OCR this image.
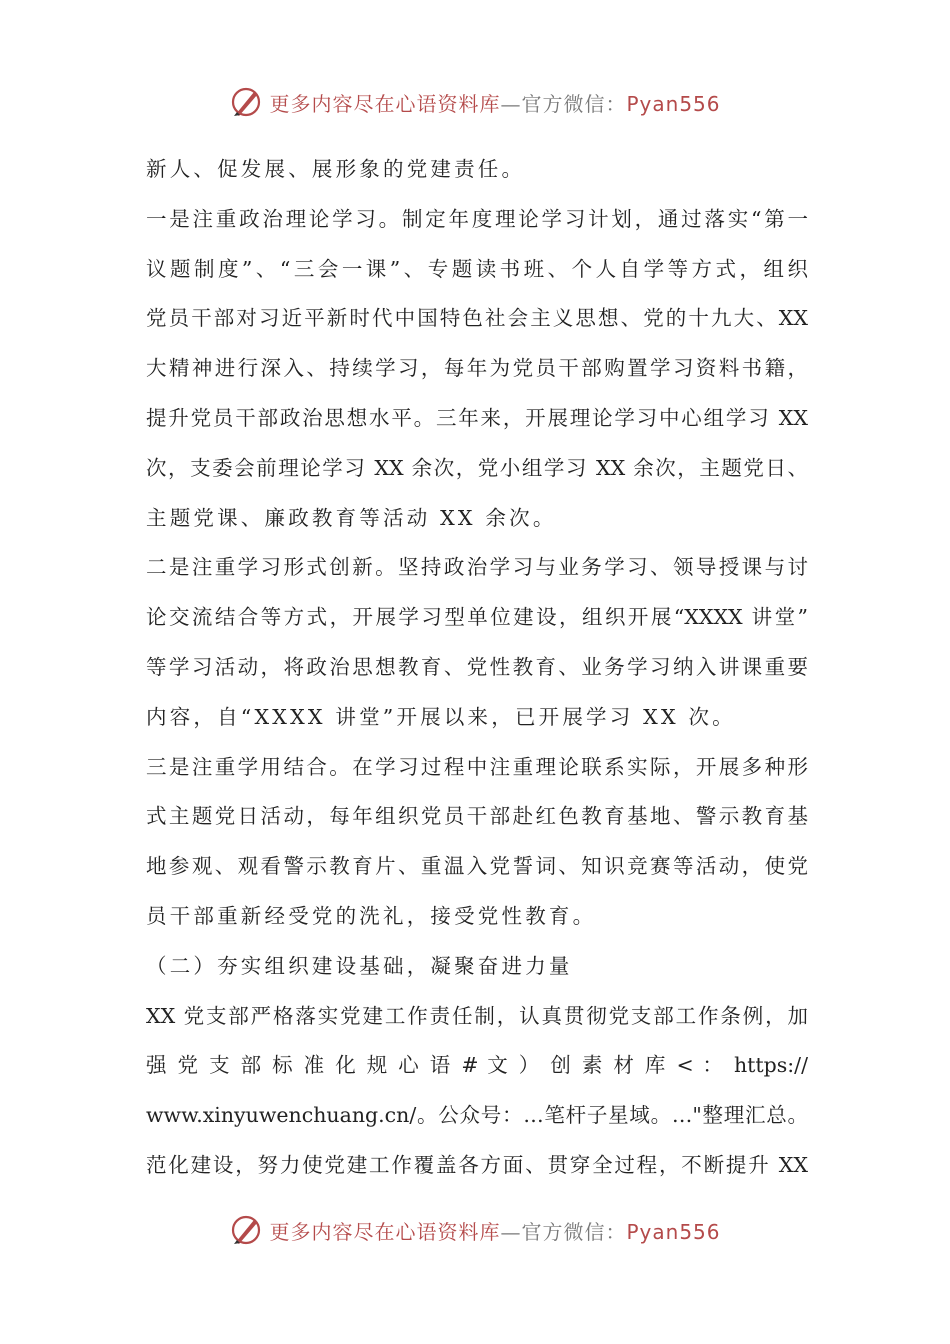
更多内容尽在心语资料库—官方微信：Pyan556
新人、促发展、展形象的党建责任。
一是注重政治理论学习。制定年度理论学习计划，通过落实“第一
议题制度”、“三会一课”、专题读书班、个人自学等方式，组织
党员干部对习近平新时代中国特色社会主义思想、党的十九大、XX
大精神进行深入、持续学习，每年为党员干部购置学习资料书籍，
提升党员干部政治思想水平。三年来，开展理论学习中心组学习 XX
次，支委会前理论学习 XX 余次，党小组学习 XX 余次，主题党日、
主题党课、廉政教育等活动 XX 余次。
二是注重学习形式创新。坚持政治学习与业务学习、领导授课与讨
论交流结合等方式，开展学习型单位建设，组织开展“XXXX 讲堂”
等学习活动，将政治思想教育、党性教育、业务学习纳入讲课重要
内容，自“XXXX 讲堂”开展以来，已开展学习 XX 次。
三是注重学用结合。在学习过程中注重理论联系实际，开展多种形
式主题党日活动，每年组织党员干部赴红色教育基地、警示教育基
地参观、观看警示教育片、重温入党誓词、知识竞赛等活动，使党
员干部重新经受党的洗礼，接受党性教育。
（二）夯实组织建设基础，凝聚奋进力量
XX 党支部严格落实党建工作责任制，认真贯彻党支部工作条例，加
强 党 支 部 标 准 化 规 心 语 # 文 ） 创 素 材 库 < ： https://
www.xinyuwenchuang.cn/。公众号：…笔杆子星域。…"整理汇总。
范化建设，努力使党建工作覆盖各方面、贯穿全过程，不断提升 XX
更多内容尽在心语资料库—官方微信：Pyan556
